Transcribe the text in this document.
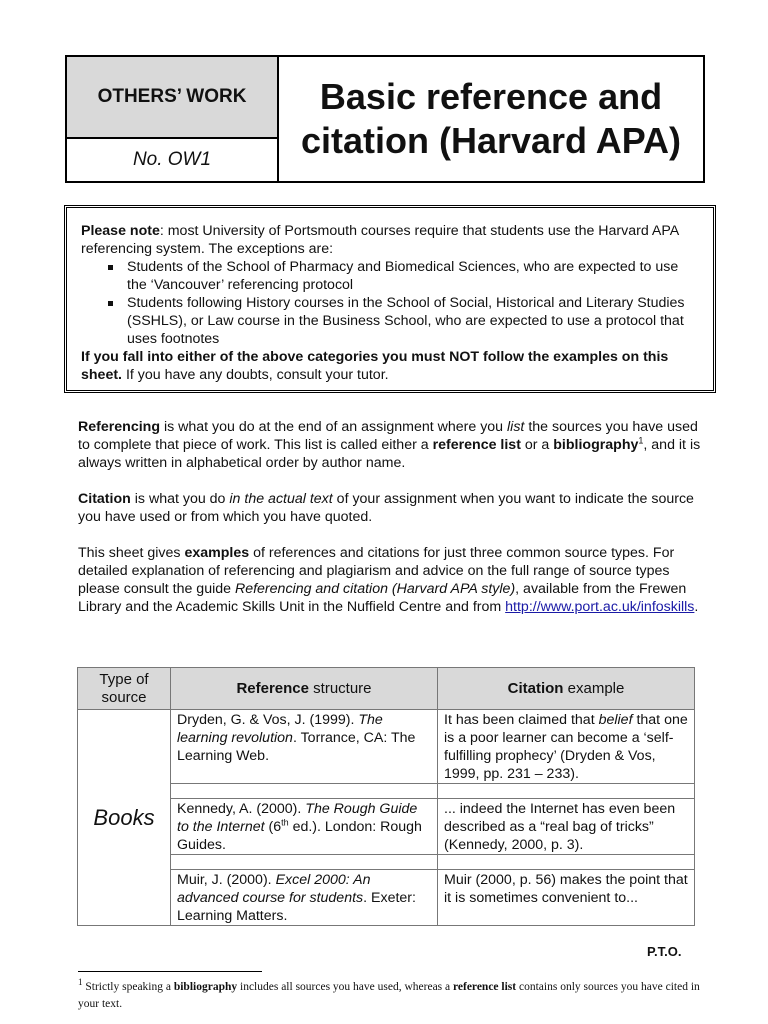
OTHERS’ WORK
No. OW1
Basic reference and
citation (Harvard APA)

Please note: most University of Portsmouth courses require that students use the Harvard APA referencing system. The exceptions are:

Students of the School of Pharmacy and Biomedical Sciences, who are expected to use the ‘Vancouver’ referencing protocol
Students following History courses in the School of Social, Historical and Literary Studies (SSHLS), or Law course in the Business School, who are expected to use a protocol that uses footnotes

If you fall into either of the above categories you must NOT follow the examples on this sheet. If you have any doubts, consult your tutor.

Referencing is what you do at the end of an assignment where you list the sources you have used to complete that piece of work. This list is called either a reference list or a bibliography$^1$, and it is always written in alphabetical order by author name.

Citation is what you do in the actual text of your assignment when you want to indicate the source you have used or from which you have quoted.

This sheet gives examples of references and citations for just three common source types. For detailed explanation of referencing and plagiarism and advice on the full range of source types please consult the guide Referencing and citation (Harvard APA style), available from the Frewen Library and the Academic Skills Unit in the Nuffield Centre and from http://www.port.ac.uk/infoskills.

Type of source	Reference structure	Citation example
Books	Dryden, G. & Vos, J. (1999). The learning revolution. Torrance, CA: The Learning Web.	It has been claimed that belief that one is a poor learner can become a ‘self-fulfilling prophecy’ (Dryden & Vos, 1999, pp. 231 – 233).

	Kennedy, A. (2000). The Rough Guide to the Internet (6th ed.). London: Rough Guides.	... indeed the Internet has even been described as a “real bag of tricks” (Kennedy, 2000, p. 3).

	Muir, J. (2000). Excel 2000: An advanced course for students. Exeter: Learning Matters.	Muir (2000, p. 56) makes the point that it is sometimes convenient to...
P.T.O.
$^1$ Strictly speaking a bibliography includes all sources you have used, whereas a reference list contains only sources you have cited in your text.
